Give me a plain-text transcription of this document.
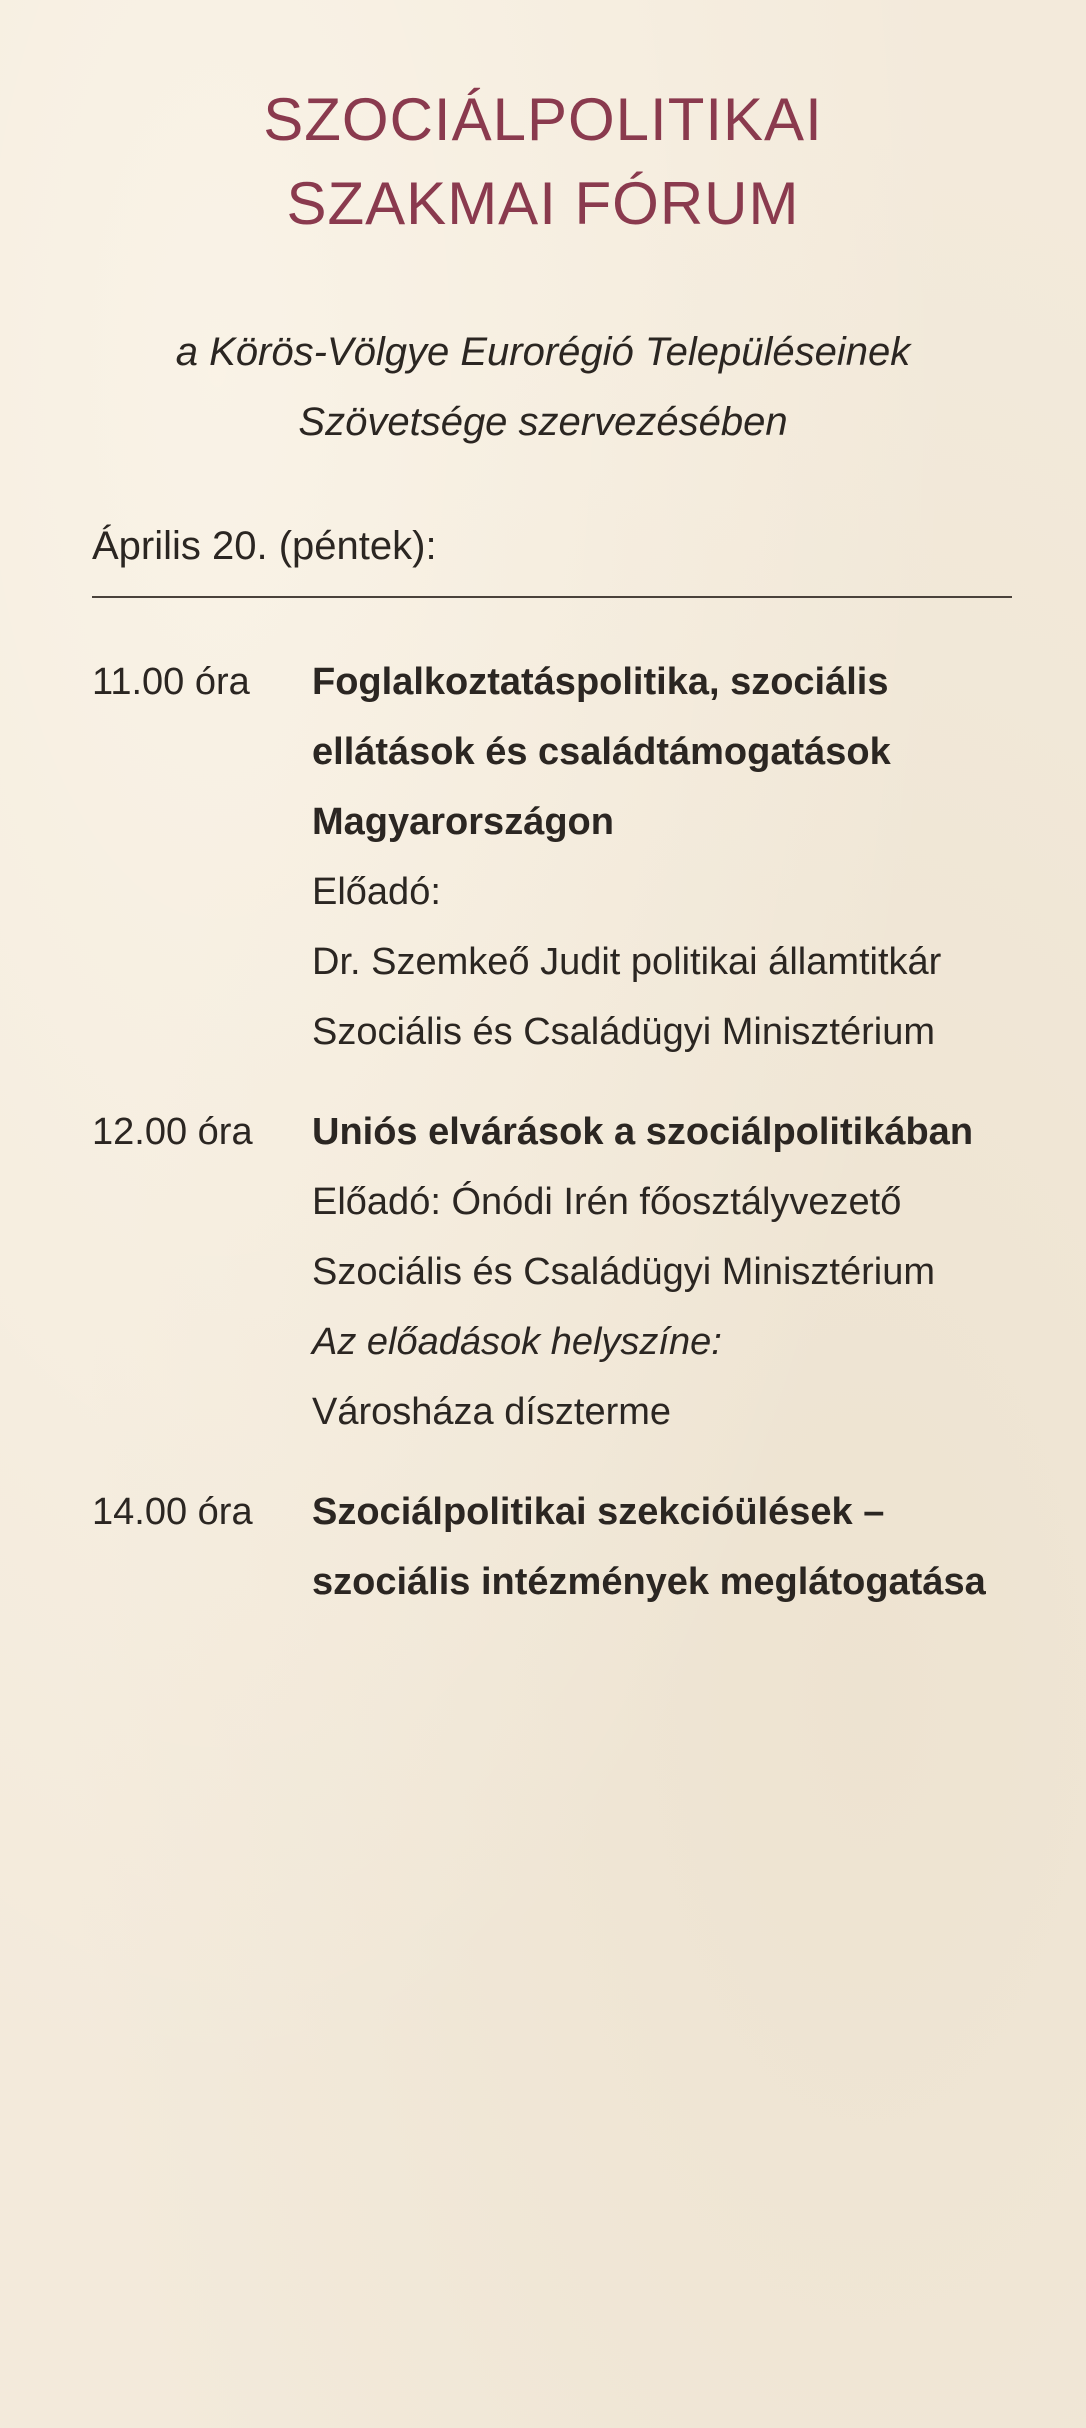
SZOCIÁLPOLITIKAI
SZAKMAI FÓRUM
a Körös-Völgye Eurorégió Településeinek
Szövetsége szervezésében
Április 20. (péntek):
11.00 óra	Foglalkoztatáspolitika, szociális
ellátások és családtámogatások
Magyarországon
Előadó:
Dr. Szemkeő Judit politikai államtitkár
Szociális és Családügyi Minisztérium
12.00 óra	Uniós elvárások a szociálpolitikában
Előadó: Ónódi Irén főosztályvezető
Szociális és Családügyi Minisztérium
Az előadások helyszíne:
Városháza díszterme
14.00 óra	Szociálpolitikai szekcióülések –
szociális intézmények meglátogatása
